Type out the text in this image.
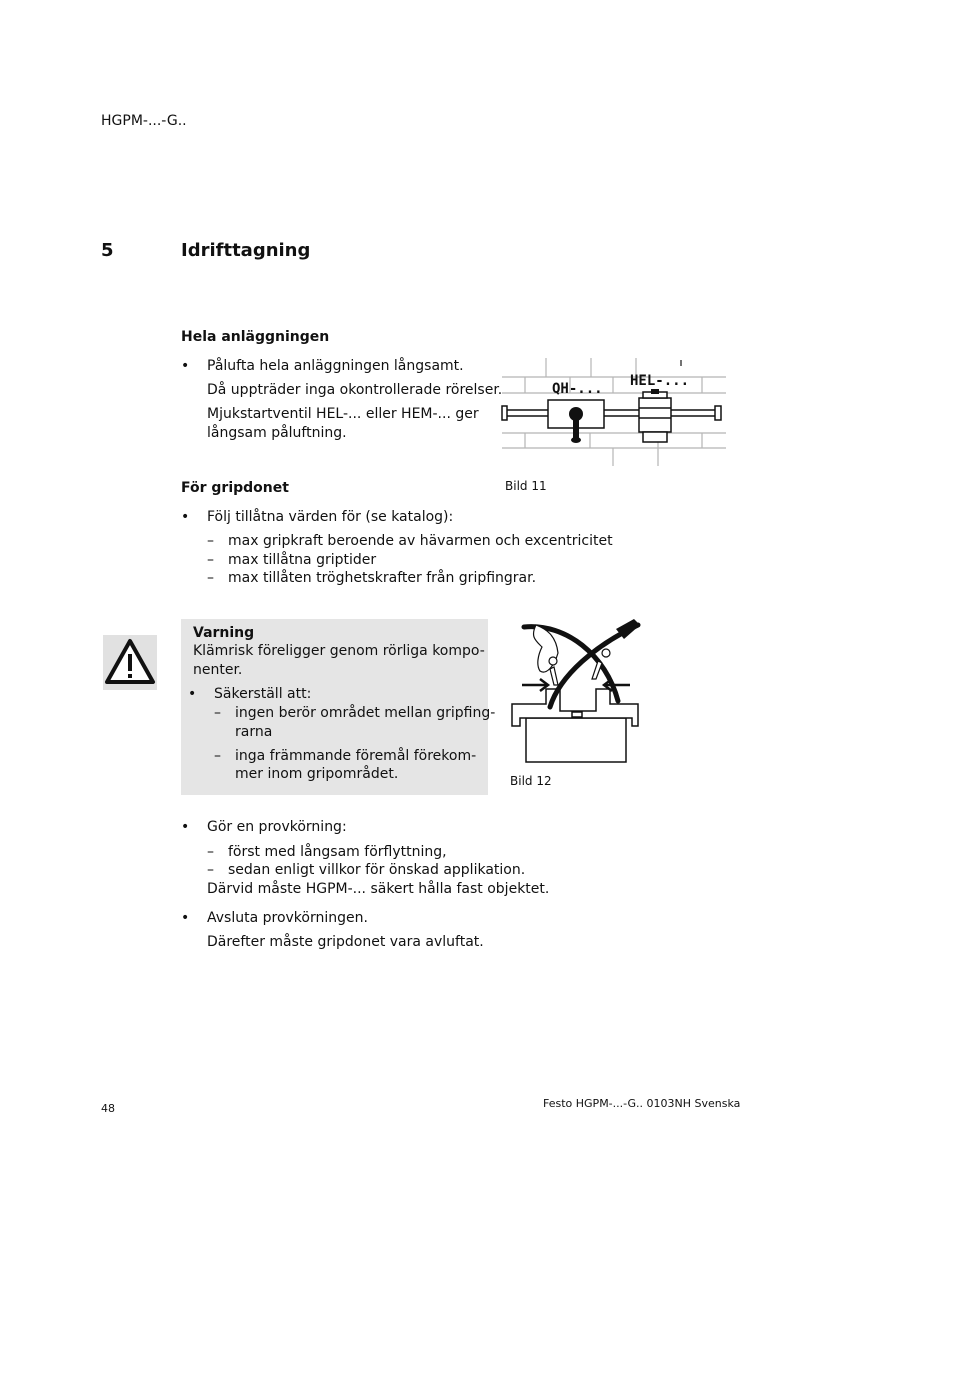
HGPM-...-G..
5	Idrifttagning
Hela anläggningen
• Pålufta hela anläggningen långsamt.
Då uppträder inga okontrollerade rörelser.
Mjukstartventil HEL-... eller HEM-... ger
långsam påluftning.
QH-... HEL-...
Bild 11
För gripdonet
• Följ tillåtna värden för (se katalog):
– max gripkraft beroende av hävarmen och excentricitet
– max tillåtna griptider
– max tillåten tröghetskrafter från gripfingrar.
Varning
Klämrisk föreligger genom rörliga kompo-
nenter.
• Säkerställ att:
– ingen berör området mellan gripfing-
rarna
– inga främmande föremål förekom-
mer inom gripområdet.	Bild 12
• Gör en provkörning:
– först med långsam förflyttning,
– sedan enligt villkor för önskad applikation.
Därvid måste HGPM-... säkert hålla fast objektet.
• Avsluta provkörningen.
Därefter måste gripdonet vara avluftat.
48	Festo HGPM-...-G.. 0103NH Svenska
